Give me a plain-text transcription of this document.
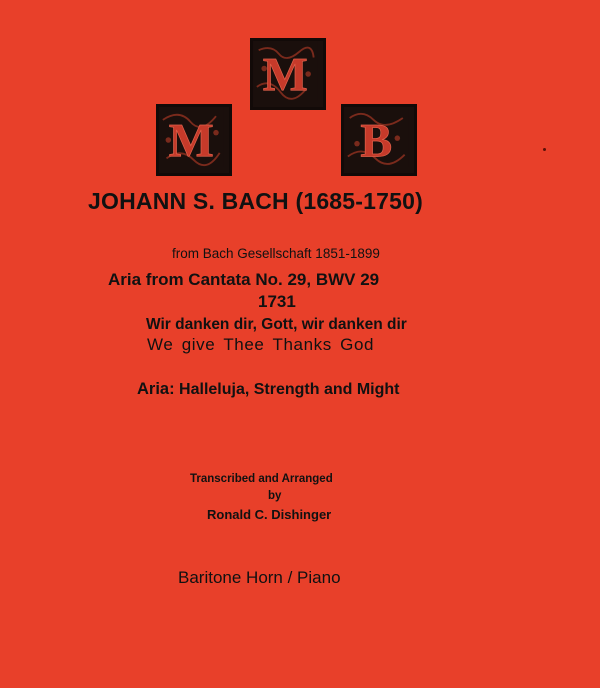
M
M	B
JOHANN S. BACH (1685-1750)
from Bach Gesellschaft 1851-1899
Aria from Cantata No. 29, BWV 29
1731
Wir danken dir, Gott, wir danken dir
We give Thee Thanks God
Aria: Halleluja, Strength and Might
Transcribed and Arranged
by
Ronald C. Dishinger
Baritone Horn / Piano
